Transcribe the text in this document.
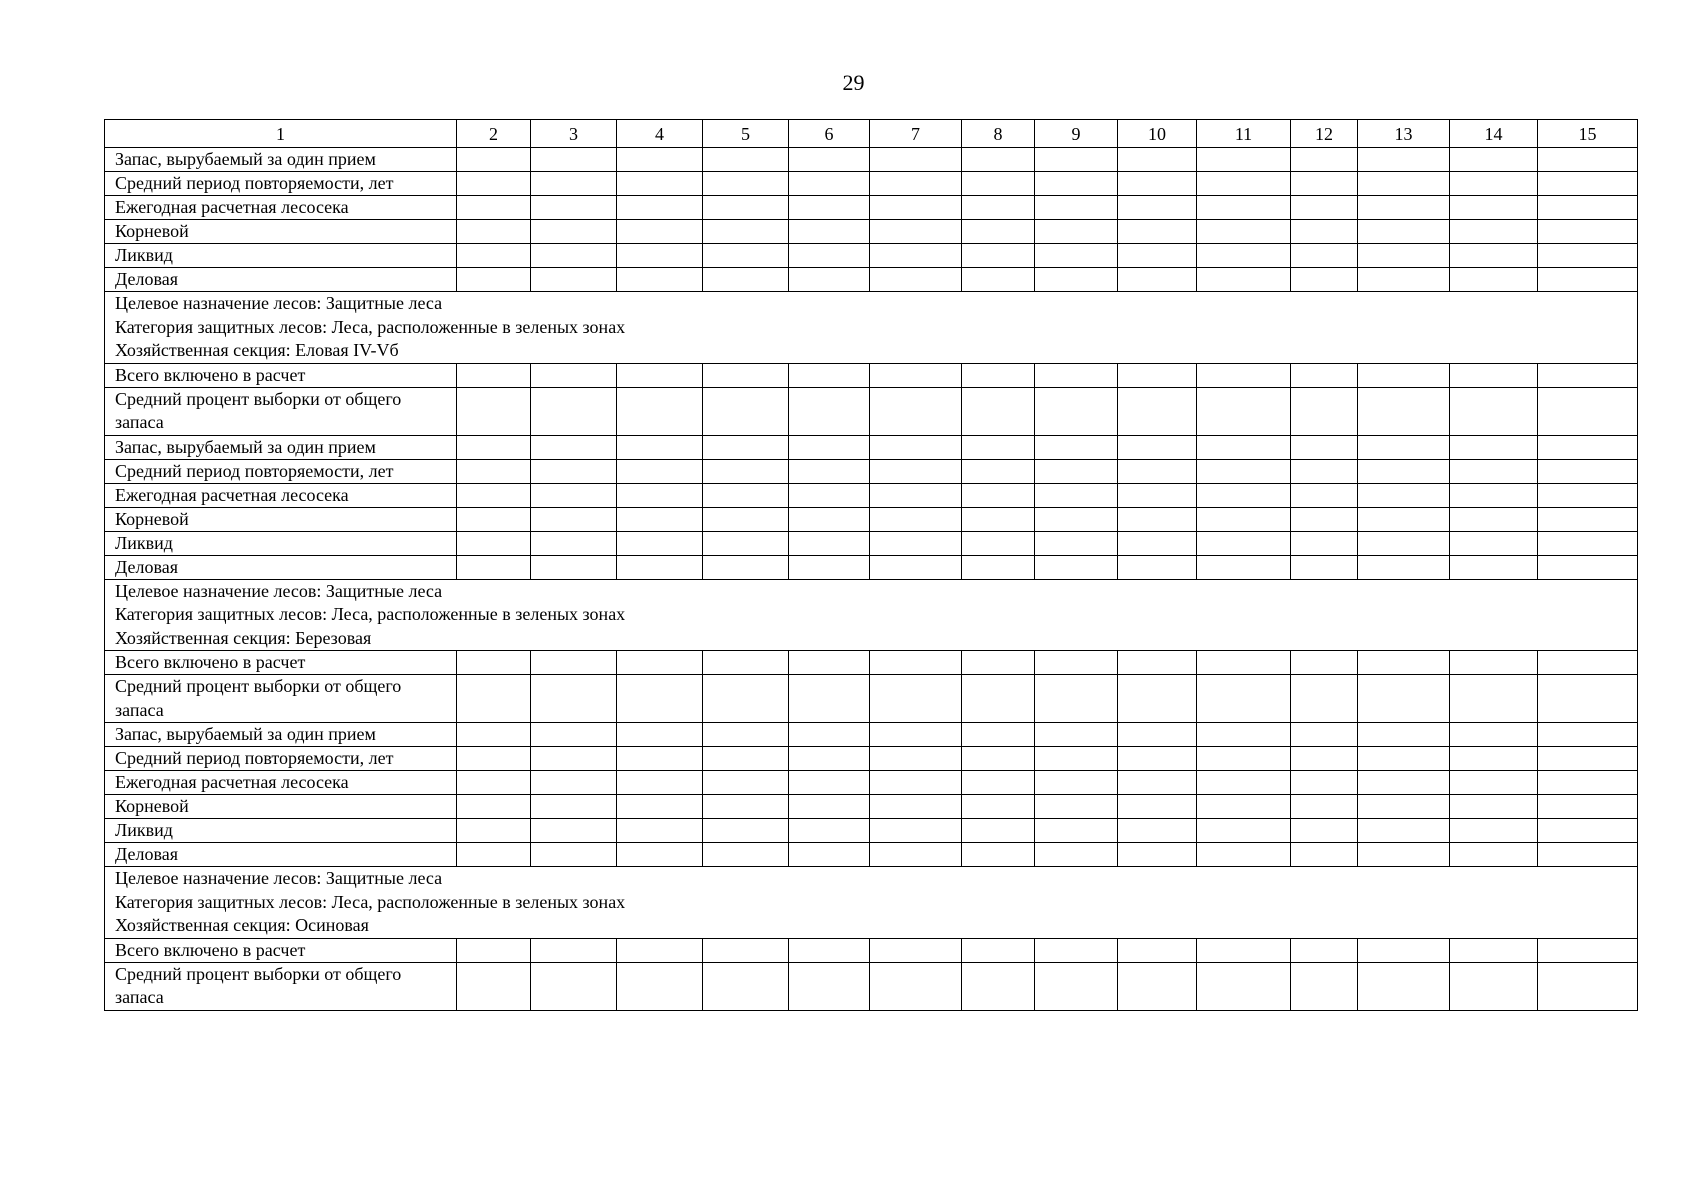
29
1	2	3	4	5	6	7	8	9	10	11	12	13	14	15
Запас, вырубаемый за один прием														
Средний период повторяемости, лет														
Ежегодная расчетная лесосека														
Корневой														
Ликвид														
Деловая														

Целевое назначение лесов: Защитные леса
Категория защитных лесов: Леса, расположенные в зеленых зонах
Хозяйственная секция: Еловая IV-Vб														

Всего включено в расчет														
Средний процент выборки от общего запаса														
Запас, вырубаемый за один прием														
Средний период повторяемости, лет														
Ежегодная расчетная лесосека														
Корневой														
Ликвид														
Деловая														

Целевое назначение лесов: Защитные леса
Категория защитных лесов: Леса, расположенные в зеленых зонах
Хозяйственная секция: Березовая														

Всего включено в расчет														
Средний процент выборки от общего запаса														
Запас, вырубаемый за один прием														
Средний период повторяемости, лет														
Ежегодная расчетная лесосека														
Корневой														
Ликвид														
Деловая														

Целевое назначение лесов: Защитные леса
Категория защитных лесов: Леса, расположенные в зеленых зонах
Хозяйственная секция: Осиновая														

Всего включено в расчет														
Средний процент выборки от общего запаса														
